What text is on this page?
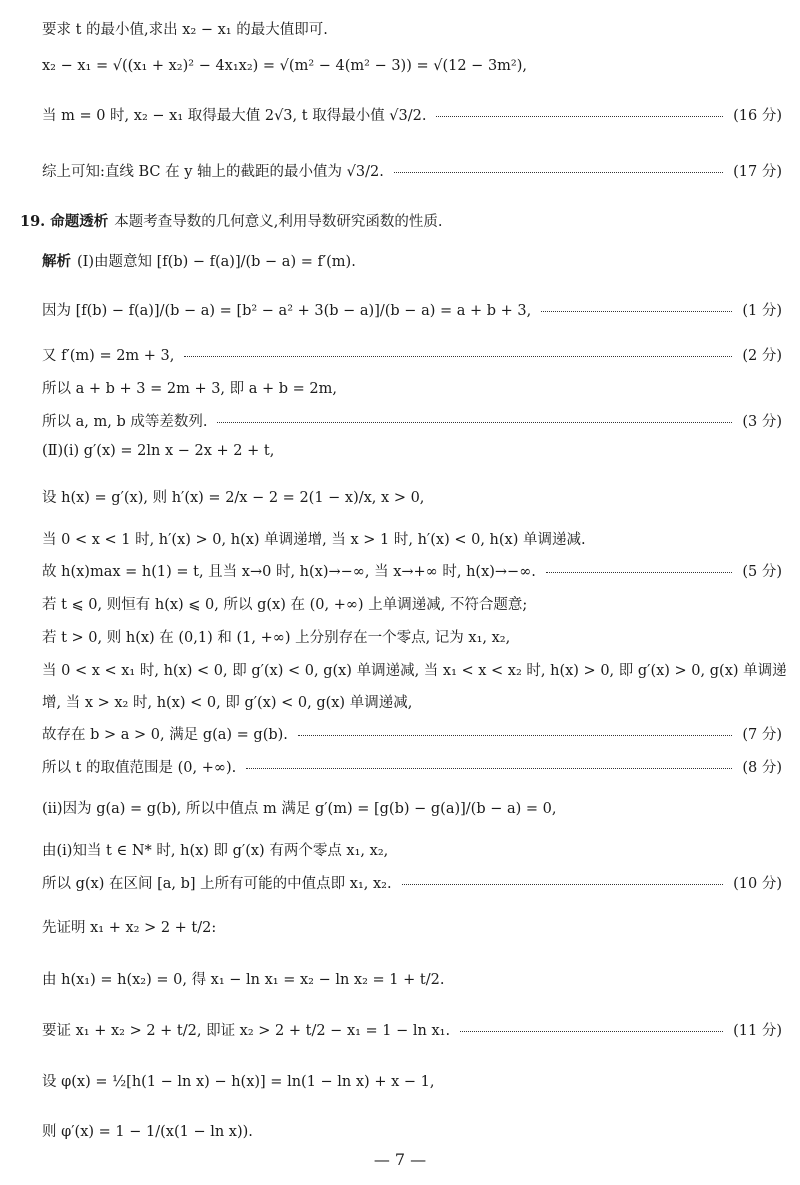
要求 t 的最小值,求出 x₂ − x₁ 的最大值即可.
x₂ − x₁ = √((x₁ + x₂)² − 4x₁x₂) = √(m² − 4(m² − 3)) = √(12 − 3m²),
当 m = 0 时, x₂ − x₁ 取得最大值 2√3, t 取得最小值 √3/2.	(16 分)
综上可知:直线 BC 在 y 轴上的截距的最小值为 √3/2.	(17 分)
19. 命题透析 本题考查导数的几何意义,利用导数研究函数的性质.
解析 (Ⅰ)由题意知 [f(b) − f(a)]/(b − a) = f′(m).
因为 [f(b) − f(a)]/(b − a) = [b² − a² + 3(b − a)]/(b − a) = a + b + 3,	(1 分)
又 f′(m) = 2m + 3,	(2 分)
所以 a + b + 3 = 2m + 3, 即 a + b = 2m,
所以 a, m, b 成等差数列.	(3 分)
(Ⅱ)(ⅰ) g′(x) = 2ln x − 2x + 2 + t,
设 h(x) = g′(x), 则 h′(x) = 2/x − 2 = 2(1 − x)/x, x > 0,
当 0 < x < 1 时, h′(x) > 0, h(x) 单调递增, 当 x > 1 时, h′(x) < 0, h(x) 单调递减.
故 h(x)max = h(1) = t, 且当 x→0 时, h(x)→−∞, 当 x→+∞ 时, h(x)→−∞.	(5 分)
若 t ⩽ 0, 则恒有 h(x) ⩽ 0, 所以 g(x) 在 (0, +∞) 上单调递减, 不符合题意;
若 t > 0, 则 h(x) 在 (0,1) 和 (1, +∞) 上分别存在一个零点, 记为 x₁, x₂,
当 0 < x < x₁ 时, h(x) < 0, 即 g′(x) < 0, g(x) 单调递减, 当 x₁ < x < x₂ 时, h(x) > 0, 即 g′(x) > 0, g(x) 单调递
增, 当 x > x₂ 时, h(x) < 0, 即 g′(x) < 0, g(x) 单调递减,
故存在 b > a > 0, 满足 g(a) = g(b).	(7 分)
所以 t 的取值范围是 (0, +∞).	(8 分)
(ⅱ)因为 g(a) = g(b), 所以中值点 m 满足 g′(m) = [g(b) − g(a)]/(b − a) = 0,
由(ⅰ)知当 t ∈ N* 时, h(x) 即 g′(x) 有两个零点 x₁, x₂,
所以 g(x) 在区间 [a, b] 上所有可能的中值点即 x₁, x₂.	(10 分)
先证明 x₁ + x₂ > 2 + t/2:
由 h(x₁) = h(x₂) = 0, 得 x₁ − ln x₁ = x₂ − ln x₂ = 1 + t/2.
要证 x₁ + x₂ > 2 + t/2, 即证 x₂ > 2 + t/2 − x₁ = 1 − ln x₁.	(11 分)
设 φ(x) = ½[h(1 − ln x) − h(x)] = ln(1 − ln x) + x − 1,
则 φ′(x) = 1 − 1/(x(1 − ln x)).
— 7 —
